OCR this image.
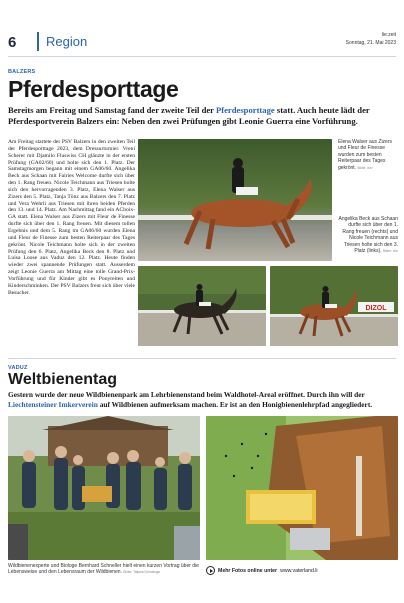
6 Region	lie:zeit
Sonntag, 21. Mai 2023
BALZERS
Pferdesporttage
Bereits am Freitag und Samstag fand der zweite Teil der Pferdesporttage statt. Auch heute lädt der Pferdesportverein Balzers ein: Neben den zwei Prüfungen gibt Leonie Guerra eine Vorführung.
Am Freitag startete der PSV Balzers in den zweiten Teil der Pferdesporttage 2023, dem Dressurturnier. Vreni Scherer mit Djamilo Fluswiss CH glänzte in der ersten Prüfung (GA02/60) und holte sich den 1. Platz. Der Samstagmorgen begann mit einem GA06/60. Angelika Beck aus Schaan mit Fairies Welcome durfte sich über den 1. Rang freuen. Nicole Teichmann aus Triesen holte sich den hervorragenden 3. Platz, Elena Walser aus Zizers den 5. Platz, Tanja Tönz aus Balzers den 7. Platz und Vera Wehrli aus Triesen mit ihren beiden Pferden den 13. und 14. Platz. Am Nachmittag fand ein ACboix-GA statt. Elena Walser aus Zizers mit Fleur de Finesse durfte sich über den 1. Rang freuen. Mit diesem tollen Ergebnis und dem 5. Rang im GA06/60 wurden Elena und Fleur de Finesse zum besten Reiterpaar des Tages gekrönt. Nicole Teichmann holte sich in der zweiten Prüfung den 6. Platz, Angelika Beck den 8. Platz und Luisa Loose aus Vaduz den 12. Platz. Heute finden wieder zwei spannende Prüfungen statt. Ausserdem zeigt Leonie Guerra am Mittag eine tolle Grand-Prix-Vorführung und für Kinder gibt es Ponyreiten und Kinderschminken. Der PSV Balzers freut sich über viele Besucher.
Elena Walser aus Zizers und Fleur de Finesse wurden zum besten Reiterpaar des Tages gekrönt. Bilder: ohv
DIZOL
Angelika Beck aus Schaan durfte sich über den 1. Rang freuen (rechts) und Nicole Teichmann aus Triesen holte sich den 3. Platz (links). Bilder: ohv
VADUZ
Weltbienentag
Gestern wurde der neue Wildbienenpark am Lehrbienenstand beim Waldhotel-Areal eröffnet. Durch ihn will der
Liechtensteiner Imkerverein auf Wildbienen aufmerksam machen. Er ist an den Honigbienenlehrpfad angegliedert.
Wildbienenexperte und Biologe Bernhard Schneller hielt einen kurzen Vortrag über die Lebensweise und den Lebensraum der Wildbienen. Bilder: Tatjana Schnalzger	Mehr Fotos online unter www.vaterland.li
